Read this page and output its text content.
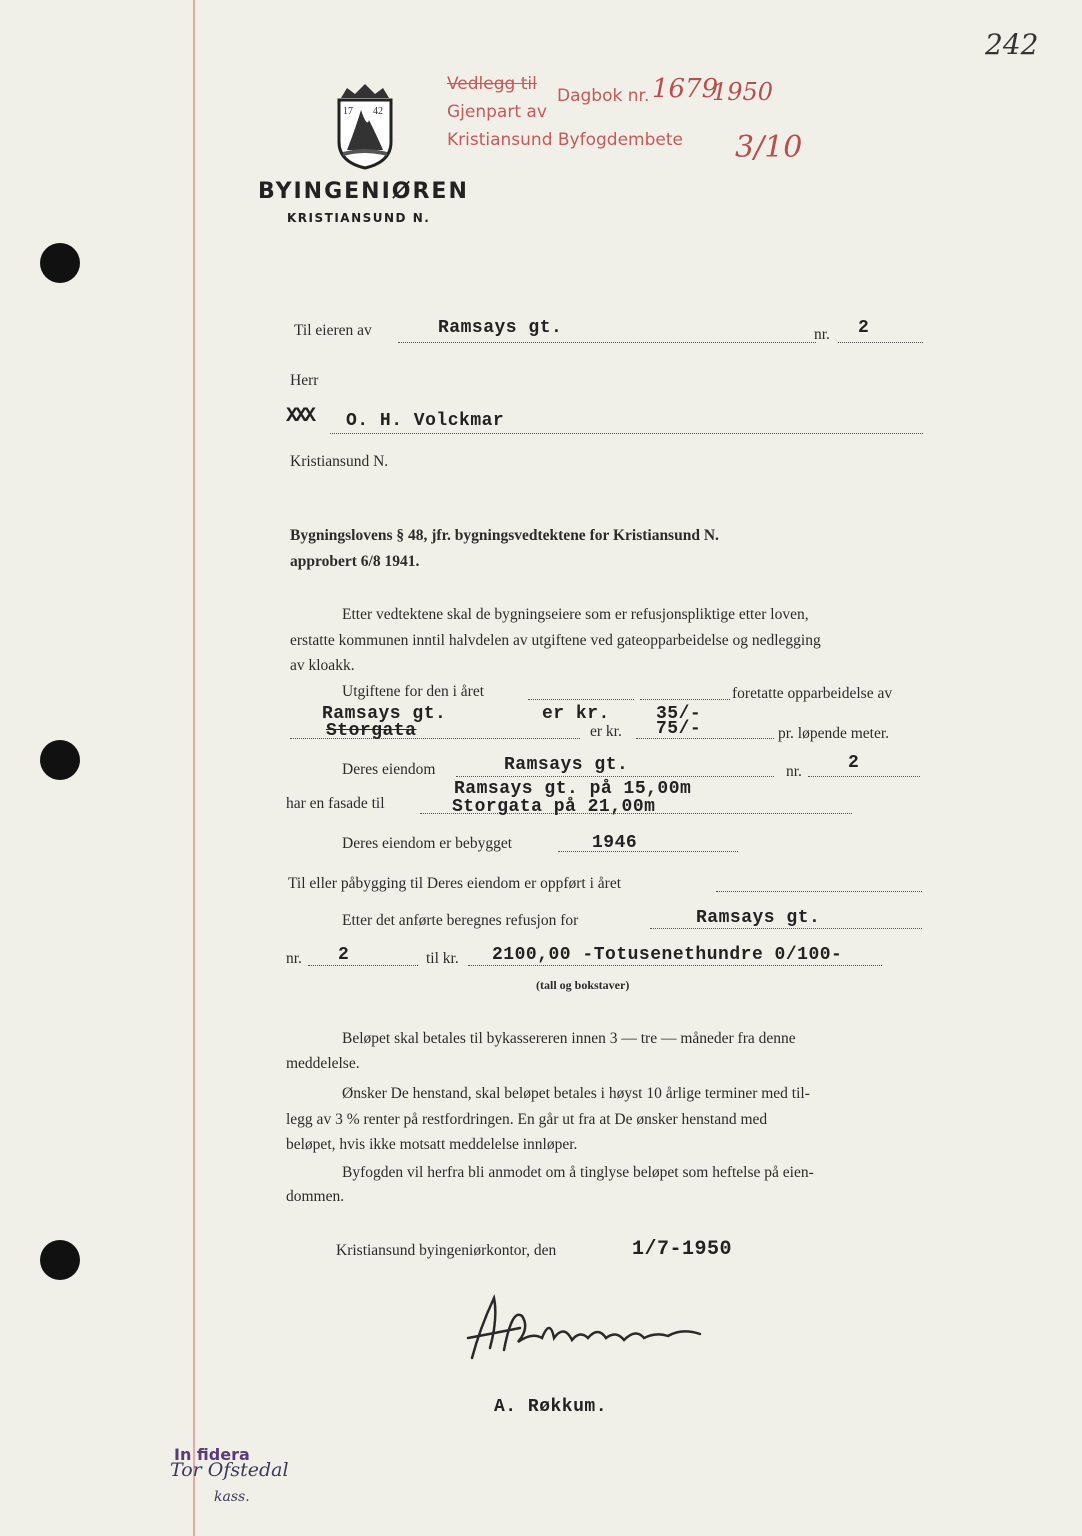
242
17 42
Vedlegg til
Dagbok nr. 1679
1950
Gjenpart av
Kristiansund Byfogdembete 3/10
BYINGENIØREN
KRISTIANSUND N.
Til eieren av	Ramsays gt.	nr. 2
Herr
XXX O. H. Volckmar
Kristiansund N.
Bygningslovens § 48, jfr. bygningsvedtektene for Kristiansund N.
approbert 6/8 1941.
Etter vedtektene skal de bygningseiere som er refusjonspliktige etter loven,
erstatte kommunen inntil halvdelen av utgiftene ved gateopparbeidelse og nedlegging
av kloakk.
Utgiftene for den i året	foretatte opparbeidelse av
Ramsays gt.	er kr.	35/-
Storgata	er kr. 75/-	pr. løpende meter.
Deres eiendom	Ramsays gt.	nr.	2
har en fasade til
Ramsays gt. på 15,00m
Storgata på 21,00m
Deres eiendom er bebygget	1946
Til eller påbygging til Deres eiendom er oppført i året
Etter det anførte beregnes refusjon for	Ramsays gt.
nr. 2	til kr. 2100,00 -Totusenethundre 0/100-
(tall og bokstaver)
Beløpet skal betales til bykassereren innen 3 — tre — måneder fra denne
meddelelse.
Ønsker De henstand, skal beløpet betales i høyst 10 årlige terminer med til-
legg av 3 % renter på restfordringen. En går ut fra at De ønsker henstand med
beløpet, hvis ikke motsatt meddelelse innløper.
Byfogden vil herfra bli anmodet om å tinglyse beløpet som heftelse på eien-
dommen.
Kristiansund byingeniørkontor, den	1/7-1950
A. Røkkum.
In fidera
Tor Ofstedal
kass.
